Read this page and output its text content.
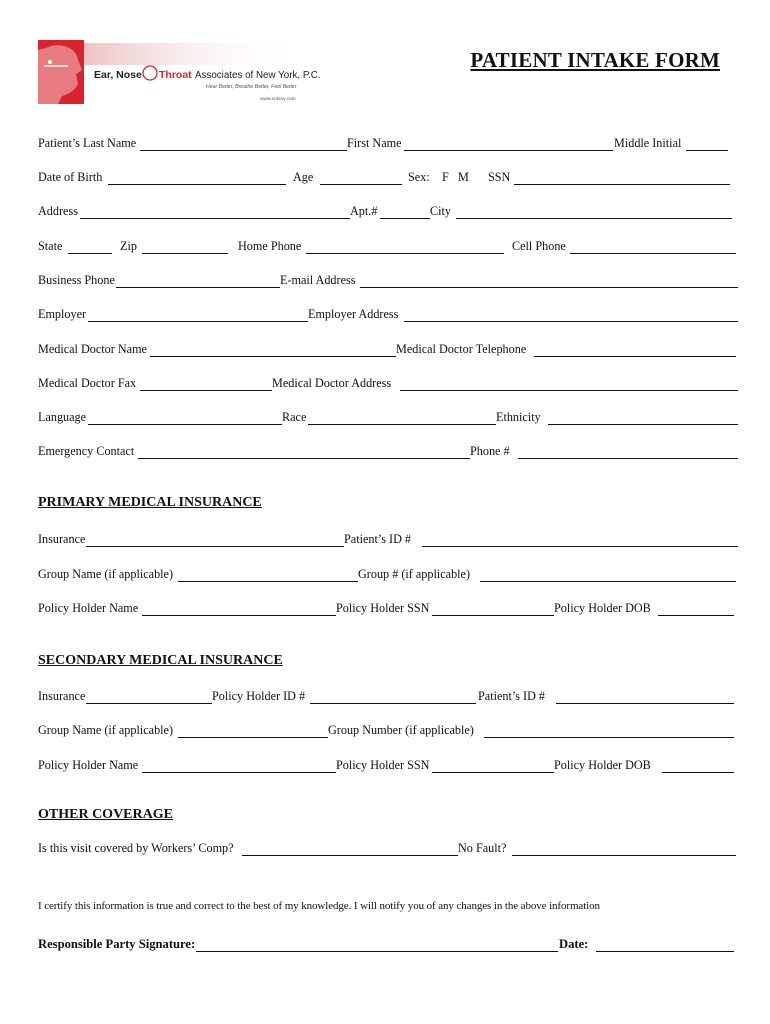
Ear, Nose Throat Associates of New York, P.C.
Hear Better, Breathe Better, Feel Better
www.entsny.com
PATIENT INTAKE FORM
Patient’s Last Name	First Name	Middle Initial
Date of Birth	Age	Sex: F M SSN
Address	Apt.#	City
State	Zip	Home Phone	Cell Phone
Business Phone	E-mail Address
Employer	Employer Address
Medical Doctor Name	Medical Doctor Telephone
Medical Doctor Fax	Medical Doctor Address
Language	Race	Ethnicity
Emergency Contact	Phone #
PRIMARY MEDICAL INSURANCE
Insurance	Patient’s ID #
Group Name (if applicable)	Group # (if applicable)
Policy Holder Name	Policy Holder SSN	Policy Holder DOB
SECONDARY MEDICAL INSURANCE
Insurance	Policy Holder ID #	Patient’s ID #
Group Name (if applicable)	Group Number (if applicable)
Policy Holder Name	Policy Holder SSN	Policy Holder DOB
OTHER COVERAGE
Is this visit covered by Workers’ Comp?	No Fault?
I certify this information is true and correct to the best of my knowledge. I will notify you of any changes in the above information
Responsible Party Signature:	Date:
